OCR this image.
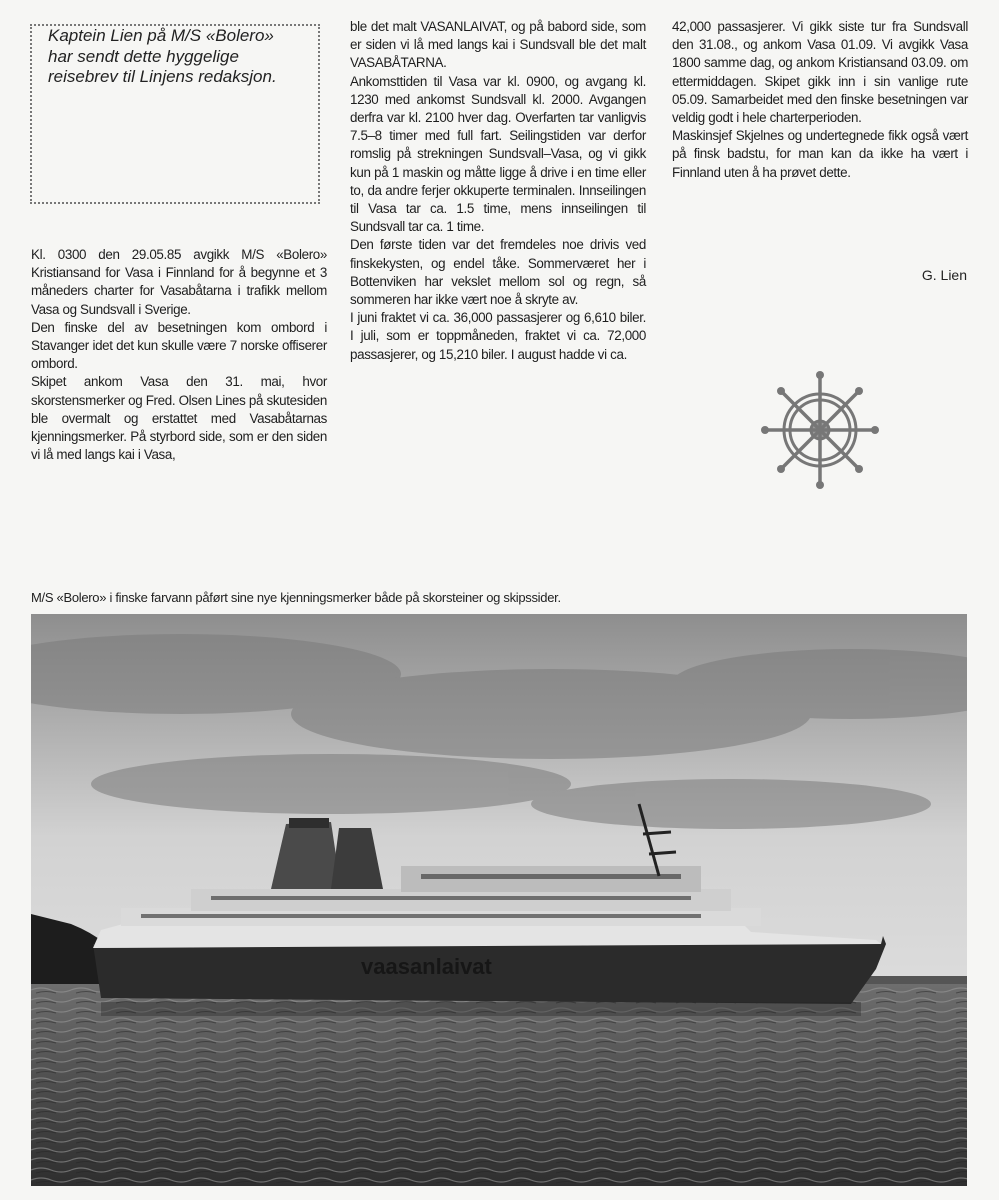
Kaptein Lien på M/S «Bolero» har sendt dette hyggelige reisebrev til Linjens redaksjon.

Kl. 0300 den 29.05.85 avgikk M/S «Bolero» Kristiansand for Vasa i Finnland for å begynne et 3 måneders charter for Vasabåtarna i trafikk mellom Vasa og Sundsvall i Sverige.

Den finske del av besetningen kom ombord i Stavanger idet det kun skulle være 7 norske offiserer ombord.

Skipet ankom Vasa den 31. mai, hvor skorstensmerker og Fred. Olsen Lines på skutesiden ble overmalt og erstattet med Vasabåtarnas kjenningsmerker. På styrbord side, som er den siden vi lå med langs kai i Vasa,

ble det malt VASANLAIVAT, og på babord side, som er siden vi lå med langs kai i Sundsvall ble det malt VASABÅTARNA.

Ankomsttiden til Vasa var kl. 0900, og avgang kl. 1230 med ankomst Sundsvall kl. 2000. Avgangen derfra var kl. 2100 hver dag. Overfarten tar vanligvis 7.5–8 timer med full fart. Seilingstiden var derfor romslig på strekningen Sundsvall–Vasa, og vi gikk kun på 1 maskin og måtte ligge å drive i en time eller to, da andre ferjer okkuperte terminalen. Innseilingen til Vasa tar ca. 1.5 time, mens innseilingen til Sundsvall tar ca. 1 time.

Den første tiden var det fremdeles noe drivis ved finskekysten, og endel tåke. Sommerværet her i Bottenviken har vekslet mellom sol og regn, så sommeren har ikke vært noe å skryte av.

I juni fraktet vi ca. 36,000 passasjerer og 6,610 biler. I juli, som er toppmåneden, fraktet vi ca. 72,000 passasjerer, og 15,210 biler. I august hadde vi ca.

42,000 passasjerer. Vi gikk siste tur fra Sundsvall den 31.08., og ankom Vasa 01.09. Vi avgikk Vasa 1800 samme dag, og ankom Kristiansand 03.09. om ettermiddagen. Skipet gikk inn i sin vanlige rute 05.09. Samarbeidet med den finske besetningen var veldig godt i hele charterperioden.

Maskinsjef Skjelnes og undertegnede fikk også vært på finsk badstu, for man kan da ikke ha vært i Finnland uten å ha prøvet dette.

G. Lien
M/S «Bolero» i finske farvann påført sine nye kjenningsmerker både på skorsteiner og skipssider.
vaasanlaivat
